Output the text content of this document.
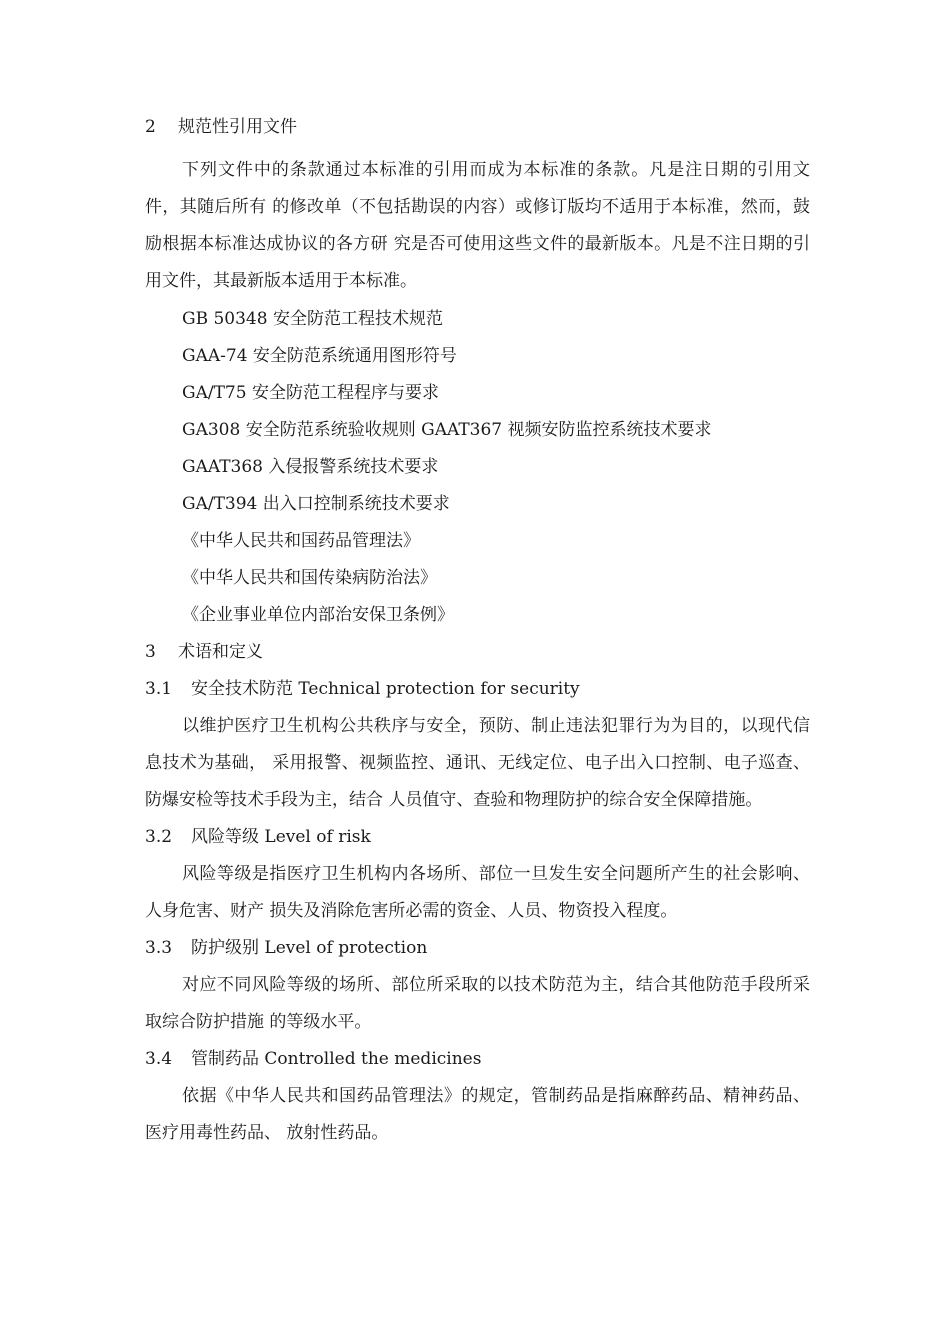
2 规范性引用文件

下列文件中的条款通过本标准的引用而成为本标准的条款。凡是注日期的引用文件，其随后所有 的修改单（不包括勘误的内容）或修订版均不适用于本标准，然而，鼓励根据本标准达成协议的各方研 究是否可使用这些文件的最新版本。凡是不注日期的引用文件，其最新版本适用于本标准。

GB 50348 安全防范工程技术规范
GAA-74 安全防范系统通用图形符号
GA/T75 安全防范工程程序与要求
GA308 安全防范系统验收规则 GAAT367 视频安防监控系统技术要求
GAAT368 入侵报警系统技术要求
GA/T394 出入口控制系统技术要求
《中华人民共和国药品管理法》
《中华人民共和国传染病防治法》
《企业事业单位内部治安保卫条例》
3 术语和定义
3.1 安全技术防范 Technical protection for security

以维护医疗卫生机构公共秩序与安全，预防、制止违法犯罪行为为目的，以现代信息技术为基础， 采用报警、视频监控、通讯、无线定位、电子出入口控制、电子巡查、防爆安检等技术手段为主，结合 人员值守、查验和物理防护的综合安全保障措施。

3.2 风险等级 Level of risk

风险等级是指医疗卫生机构内各场所、部位一旦发生安全问题所产生的社会影响、人身危害、财产 损失及消除危害所必需的资金、人员、物资投入程度。

3.3 防护级别 Level of protection

对应不同风险等级的场所、部位所采取的以技术防范为主，结合其他防范手段所采取综合防护措施 的等级水平。

3.4 管制药品 Controlled the medicines

依据《中华人民共和国药品管理法》的规定，管制药品是指麻醉药品、精神药品、医疗用毒性药品、 放射性药品。
